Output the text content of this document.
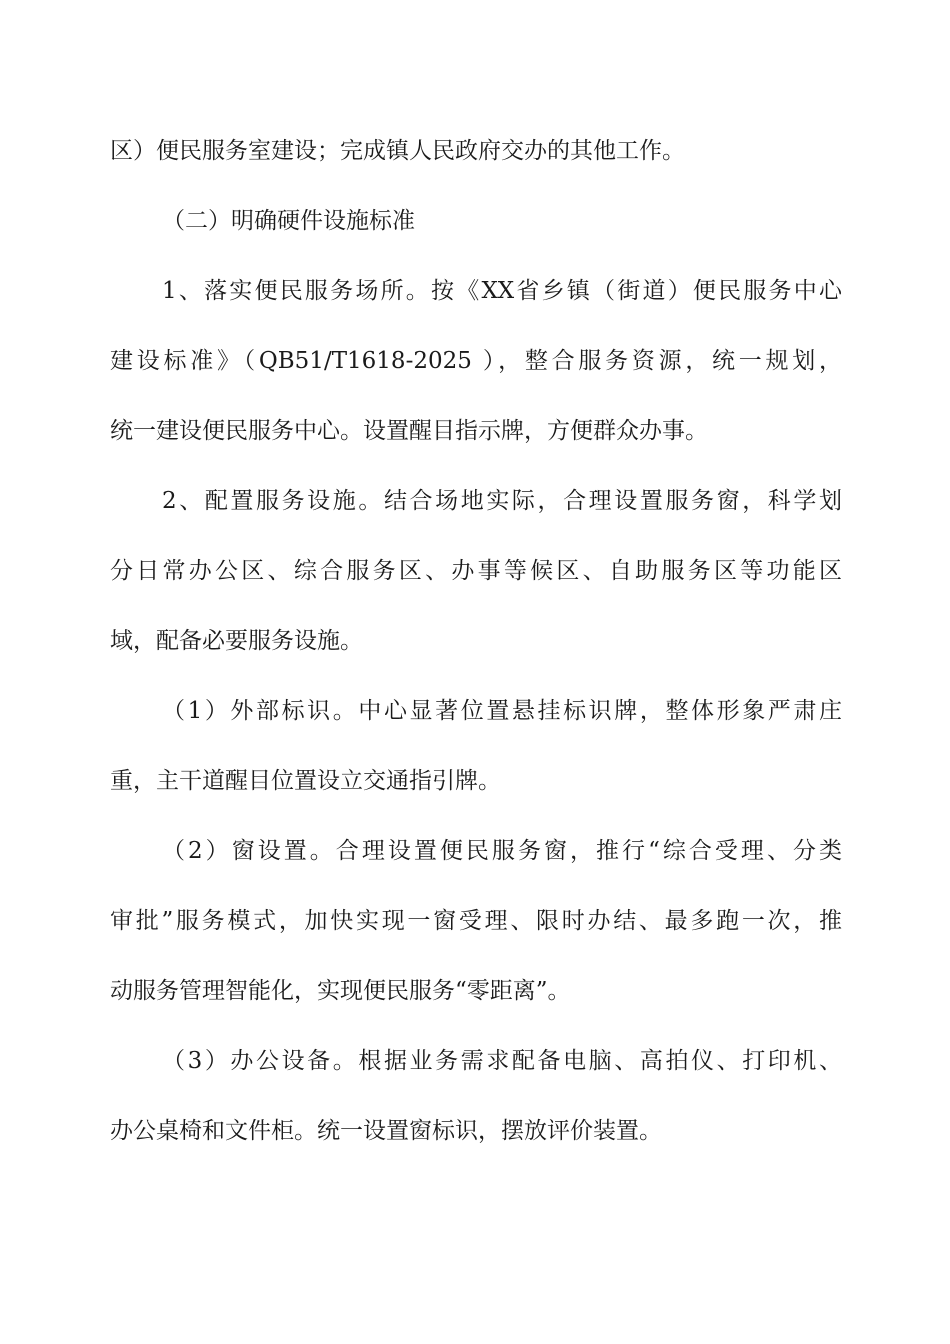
区）便民服务室建设；完成镇人民政府交办的其他工作。
（二）明确硬件设施标准
1、落实便民服务场所。按《XX省乡镇（街道）便民服务中心
建设标准》（QB51/T1618-2025 ），整合服务资源，统一规划，
统一建设便民服务中心。设置醒目指示牌，方便群众办事。
2、配置服务设施。结合场地实际，合理设置服务窗，科学划
分日常办公区、综合服务区、办事等候区、自助服务区等功能区
域，配备必要服务设施。
（1）外部标识。中心显著位置悬挂标识牌，整体形象严肃庄
重，主干道醒目位置设立交通指引牌。
（2）窗设置。合理设置便民服务窗，推行“综合受理、分类
审批”服务模式，加快实现一窗受理、限时办结、最多跑一次，推
动服务管理智能化，实现便民服务“零距离”。
（3）办公设备。根据业务需求配备电脑、高拍仪、打印机、
办公桌椅和文件柜。统一设置窗标识，摆放评价装置。
